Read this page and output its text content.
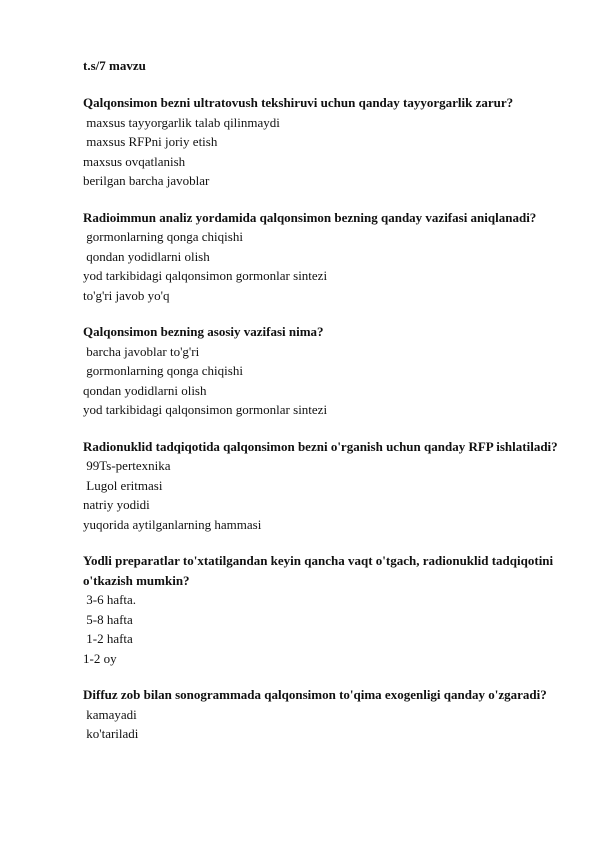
t.s/7 mavzu

Qalqonsimon bezni ultratovush tekshiruvi uchun qanday tayyorgarlik zarur?

maxsus tayyorgarlik talab qilinmaydi

maxsus RFPni joriy etish

maxsus ovqatlanish

berilgan barcha javoblar

Radioimmun analiz yordamida qalqonsimon bezning qanday vazifasi aniqlanadi?

gormonlarning qonga chiqishi

qondan yodidlarni olish

yod tarkibidagi qalqonsimon gormonlar sintezi

to'g'ri javob yo'q

Qalqonsimon bezning asosiy vazifasi nima?

barcha javoblar to'g'ri

gormonlarning qonga chiqishi

qondan yodidlarni olish

yod tarkibidagi qalqonsimon gormonlar sintezi

Radionuklid tadqiqotida qalqonsimon bezni o'rganish uchun qanday RFP ishlatiladi?

99Ts-pertexnika

Lugol eritmasi

natriy yodidi

yuqorida aytilganlarning hammasi

Yodli preparatlar to'xtatilgandan keyin qancha vaqt o'tgach, radionuklid tadqiqotini o'tkazish mumkin?

3-6 hafta.

5-8 hafta

1-2 hafta

1-2 oy

Diffuz zob bilan sonogrammada qalqonsimon to'qima exogenligi qanday o'zgaradi?

kamayadi

ko'tariladi
